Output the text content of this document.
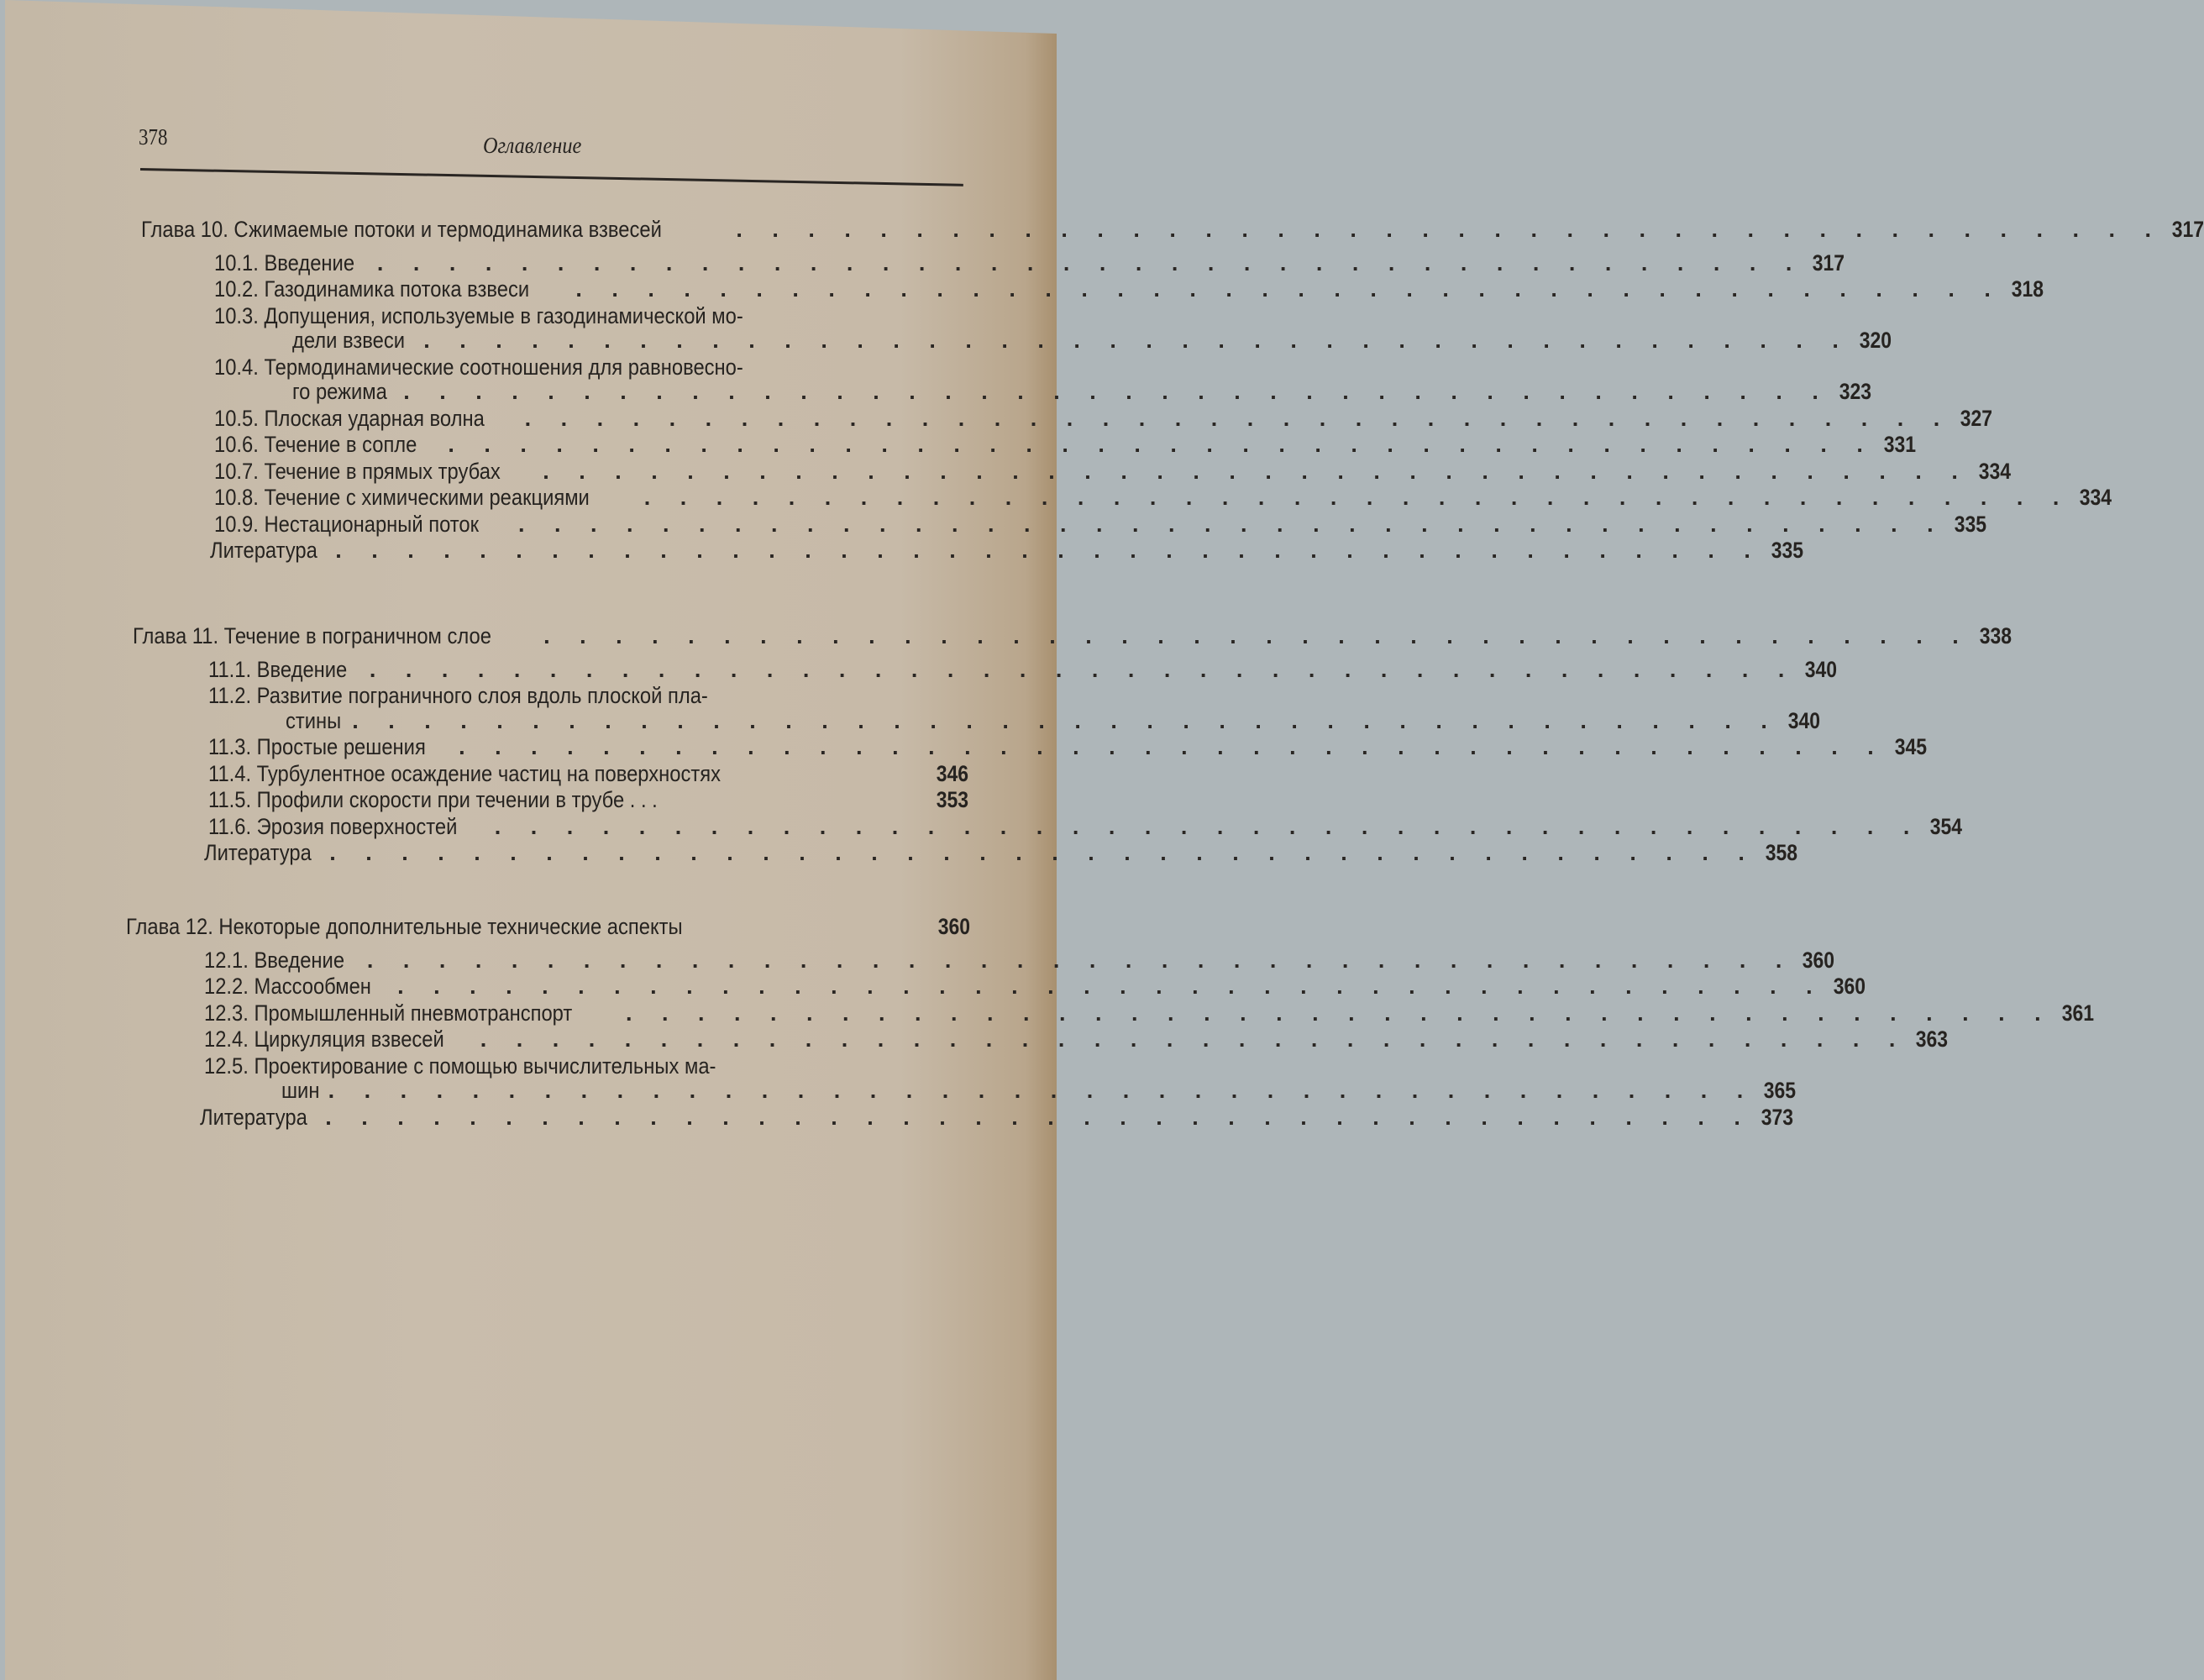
378	Оглавление
Глава 10. Сжимаемые потоки и термодинамика взвесей	. . . . . . . . . . . . . . . . . . . . . . . . . . . . . . . . . . . . . . . . 317
10.1. Введение . . . . . . . . . . . . . . . . . . . . . . . . . . . . . . . . . . . . . . . . 317
10.2. Газодинамика потока взвеси . . . . . . . . . . . . . . . . . . . . . . . . . . . . . . . . . . . . . . . . 318
10.3. Допущения, используемые в газодинамической мо-
дели взвеси . . . . . . . . . . . . . . . . . . . . . . . . . . . . . . . . . . . . . . . . 320
10.4. Термодинамические соотношения для равновесно-
го режима . . . . . . . . . . . . . . . . . . . . . . . . . . . . . . . . . . . . . . . . 323
10.5. Плоская ударная волна . . . . . . . . . . . . . . . . . . . . . . . . . . . . . . . . . . . . . . . . 327
10.6. Течение в сопле . . . . . . . . . . . . . . . . . . . . . . . . . . . . . . . . . . . . . . . . 331
10.7. Течение в прямых трубах . . . . . . . . . . . . . . . . . . . . . . . . . . . . . . . . . . . . . . . . 334
10.8. Течение с химическими реакциями . . . . . . . . . . . . . . . . . . . . . . . . . . . . . . . . . . . . . . . . 334
10.9. Нестационарный поток . . . . . . . . . . . . . . . . . . . . . . . . . . . . . . . . . . . . . . . . 335
Литература . . . . . . . . . . . . . . . . . . . . . . . . . . . . . . . . . . . . . . . . 335
Глава 11. Течение в пограничном слое . . . . . . . . . . . . . . . . . . . . . . . . . . . . . . . . . . . . . . . . 338
11.1. Введение . . . . . . . . . . . . . . . . . . . . . . . . . . . . . . . . . . . . . . . . 340
11.2. Развитие пограничного слоя вдоль плоской пла-
стины . . . . . . . . . . . . . . . . . . . . . . . . . . . . . . . . . . . . . . . . 340
11.3. Простые решения . . . . . . . . . . . . . . . . . . . . . . . . . . . . . . . . . . . . . . . . 345
11.4. Турбулентное осаждение частиц на поверхностях	346
11.5. Профили скорости при течении в трубе . . .	353
11.6. Эрозия поверхностей . . . . . . . . . . . . . . . . . . . . . . . . . . . . . . . . . . . . . . . . 354
Литература . . . . . . . . . . . . . . . . . . . . . . . . . . . . . . . . . . . . . . . . 358
Глава 12. Некоторые дополнительные технические аспекты	360
12.1. Введение . . . . . . . . . . . . . . . . . . . . . . . . . . . . . . . . . . . . . . . . 360
12.2. Массообмен . . . . . . . . . . . . . . . . . . . . . . . . . . . . . . . . . . . . . . . . 360
12.3. Промышленный пневмотранспорт . . . . . . . . . . . . . . . . . . . . . . . . . . . . . . . . . . . . . . . . 361
12.4. Циркуляция взвесей . . . . . . . . . . . . . . . . . . . . . . . . . . . . . . . . . . . . . . . . 363
12.5. Проектирование с помощью вычислительных ма-
шин . . . . . . . . . . . . . . . . . . . . . . . . . . . . . . . . . . . . . . . . 365
Литература . . . . . . . . . . . . . . . . . . . . . . . . . . . . . . . . . . . . . . . . 373
